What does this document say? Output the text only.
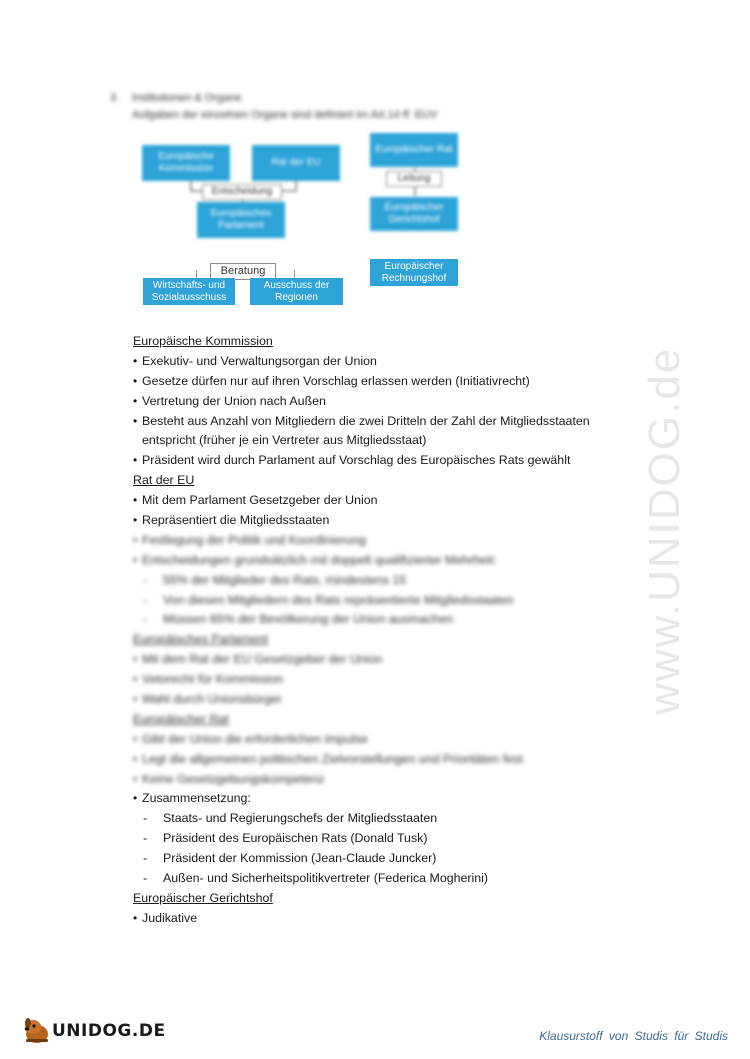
3. Institutionen & Organe
Aufgaben der einzelnen Organe sind definiert im Art.14 ff. EUV
Europäische Kommission
Rat der EU
Entscheidung
Europäisches Parlament
Europäischer Rat
Leitung
Europäischer Gerichtshof
Beratung
Wirtschafts- und Sozialausschuss
Ausschuss der Regionen
Europäischer Rechnungshof
www.UNIDOG.de
Europäische Kommission
• Exekutiv- und Verwaltungsorgan der Union
• Gesetze dürfen nur auf ihren Vorschlag erlassen werden (Initiativrecht)
• Vertretung der Union nach Außen
• Besteht aus Anzahl von Mitgliedern die zwei Dritteln der Zahl der Mitgliedsstaaten
entspricht (früher je ein Vertreter aus Mitgliedsstaat)
• Präsident wird durch Parlament auf Vorschlag des Europäisches Rats gewählt
Rat der EU
• Mit dem Parlament Gesetzgeber der Union
• Repräsentiert die Mitgliedsstaaten
• Festlegung der Politik und Koordinierung
• Entscheidungen grundsätzlich mit doppelt qualifizierter Mehrheit:
- 55% der Mitglieder des Rats, mindestens 15
- Von diesen Mitgliedern des Rats repräsentierte Mitgliedsstaaten
- Müssen 65% der Bevölkerung der Union ausmachen
Europäisches Parlament
• Mit dem Rat der EU Gesetzgeber der Union
• Vetorecht für Kommission
• Wahl durch Unionsbürger
Europäischer Rat
• Gibt der Union die erforderlichen Impulse
• Legt die allgemeinen politischen Zielvorstellungen und Prioritäten fest
• Keine Gesetzgebungskompetenz
• Zusammensetzung:
- Staats- und Regierungschefs der Mitgliedsstaaten
- Präsident des Europäischen Rats (Donald Tusk)
- Präsident der Kommission (Jean-Claude Juncker)
- Außen- und Sicherheitspolitikvertreter (Federica Mogherini)
Europäischer Gerichtshof
• Judikative
UNIDOG.DE	Klausurstoff von Studis für Studis
